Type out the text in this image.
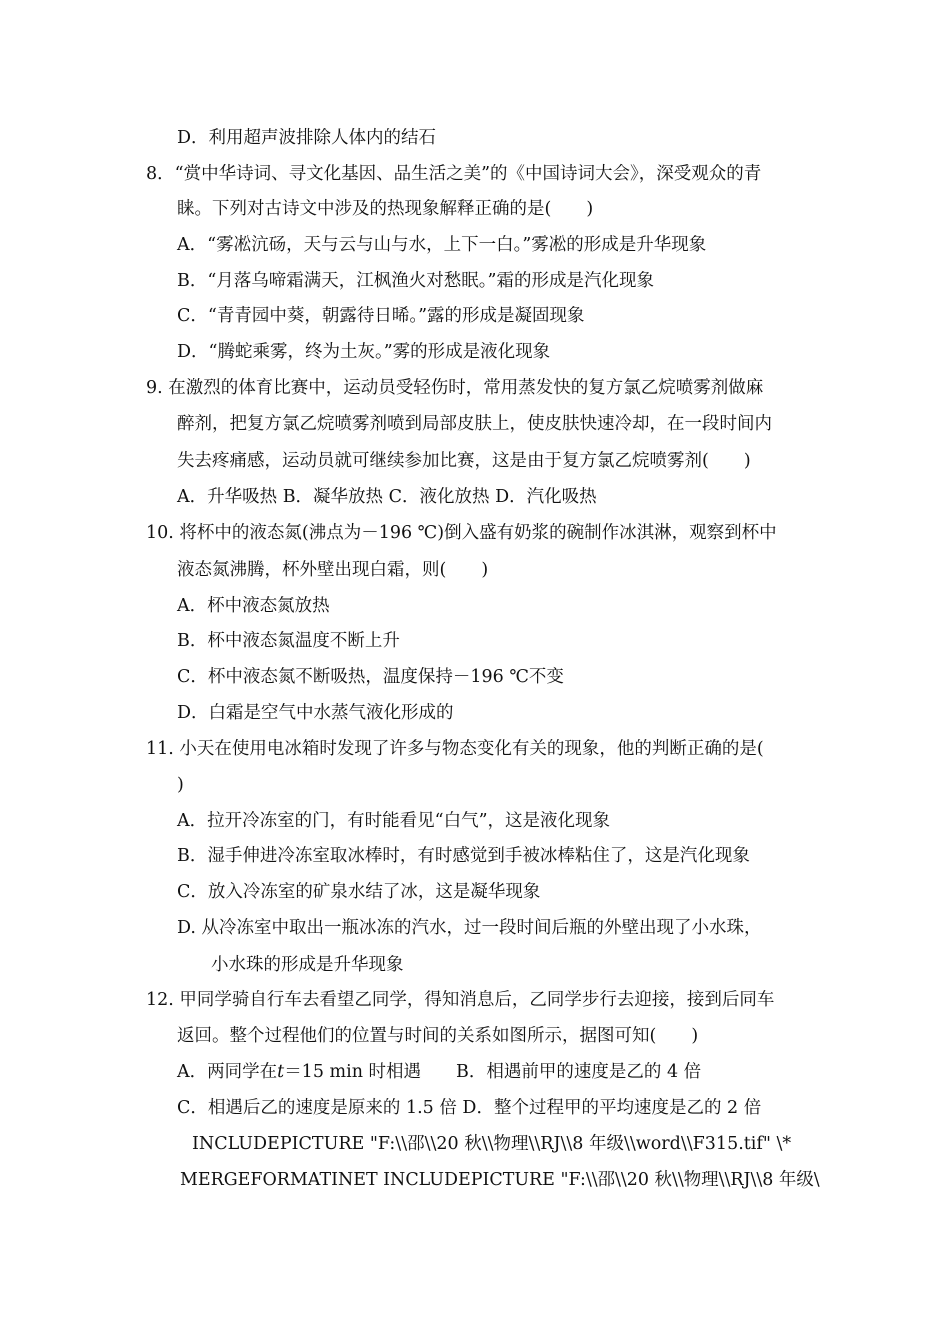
D．利用超声波排除人体内的结石
8．“赏中华诗词、寻文化基因、品生活之美”的《中国诗词大会》，深受观众的青
睐。下列对古诗文中涉及的热现象解释正确的是(　　)
A．“雾凇沆砀，天与云与山与水，上下一白。”雾凇的形成是升华现象
B．“月落乌啼霜满天，江枫渔火对愁眠。”霜的形成是汽化现象
C．“青青园中葵，朝露待日晞。”露的形成是凝固现象
D．“腾蛇乘雾，终为土灰。”雾的形成是液化现象
9. 在激烈的体育比赛中，运动员受轻伤时，常用蒸发快的复方氯乙烷喷雾剂做麻
醉剂，把复方氯乙烷喷雾剂喷到局部皮肤上，使皮肤快速冷却，在一段时间内
失去疼痛感，运动员就可继续参加比赛，这是由于复方氯乙烷喷雾剂(　　)
A．升华吸热 B．凝华放热 C．液化放热 D．汽化吸热
10. 将杯中的液态氮(沸点为－196 ℃)倒入盛有奶浆的碗制作冰淇淋，观察到杯中
液态氮沸腾，杯外壁出现白霜，则(　　)
A．杯中液态氮放热
B．杯中液态氮温度不断上升
C．杯中液态氮不断吸热，温度保持－196 ℃不变
D．白霜是空气中水蒸气液化形成的
11. 小天在使用电冰箱时发现了许多与物态变化有关的现象，他的判断正确的是(
)
A．拉开冷冻室的门，有时能看见“白气”，这是液化现象
B．湿手伸进冷冻室取冰棒时，有时感觉到手被冰棒粘住了，这是汽化现象
C．放入冷冻室的矿泉水结了冰，这是凝华现象
D. 从冷冻室中取出一瓶冰冻的汽水，过一段时间后瓶的外壁出现了小水珠，
小水珠的形成是升华现象
12. 甲同学骑自行车去看望乙同学，得知消息后，乙同学步行去迎接，接到后同车
返回。整个过程他们的位置与时间的关系如图所示，据图可知(　　)
A．两同学在t＝15 min 时相遇　　B．相遇前甲的速度是乙的 4 倍
C．相遇后乙的速度是原来的 1.5 倍 D．整个过程甲的平均速度是乙的 2 倍
INCLUDEPICTURE "F:\\邵\\20 秋\\物理\\RJ\\8 年级\\word\\F315.tif" \*
MERGEFORMATINET INCLUDEPICTURE "F:\\邵\\20 秋\\物理\\RJ\\8 年级\
